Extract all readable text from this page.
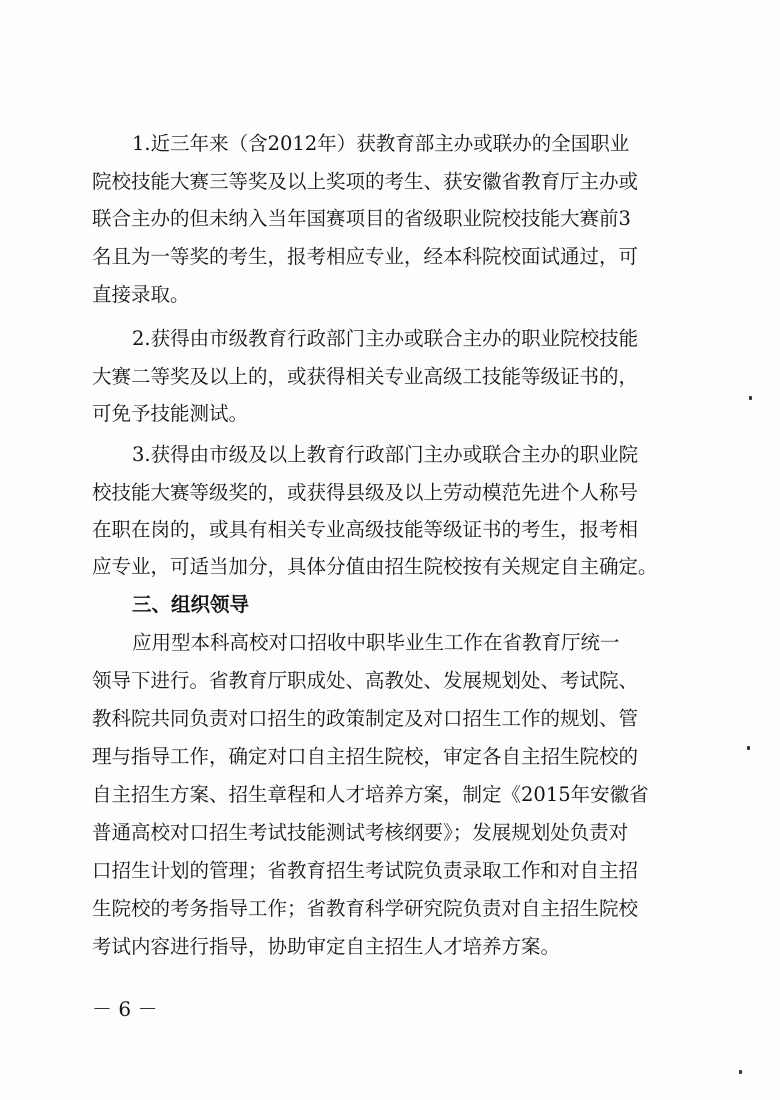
1.近三年来（含2012年）获教育部主办或联办的全国职业
院校技能大赛三等奖及以上奖项的考生、获安徽省教育厅主办或
联合主办的但未纳入当年国赛项目的省级职业院校技能大赛前3
名且为一等奖的考生，报考相应专业，经本科院校面试通过，可
直接录取。
2.获得由市级教育行政部门主办或联合主办的职业院校技能
大赛二等奖及以上的，或获得相关专业高级工技能等级证书的，
可免予技能测试。
3.获得由市级及以上教育行政部门主办或联合主办的职业院
校技能大赛等级奖的，或获得县级及以上劳动模范先进个人称号
在职在岗的，或具有相关专业高级技能等级证书的考生，报考相
应专业，可适当加分，具体分值由招生院校按有关规定自主确定。
三、组织领导
应用型本科高校对口招收中职毕业生工作在省教育厅统一
领导下进行。省教育厅职成处、高教处、发展规划处、考试院、
教科院共同负责对口招生的政策制定及对口招生工作的规划、管
理与指导工作，确定对口自主招生院校，审定各自主招生院校的
自主招生方案、招生章程和人才培养方案，制定《2015年安徽省
普通高校对口招生考试技能测试考核纲要》；发展规划处负责对
口招生计划的管理；省教育招生考试院负责录取工作和对自主招
生院校的考务指导工作；省教育科学研究院负责对自主招生院校
考试内容进行指导，协助审定自主招生人才培养方案。
－ 6 －
